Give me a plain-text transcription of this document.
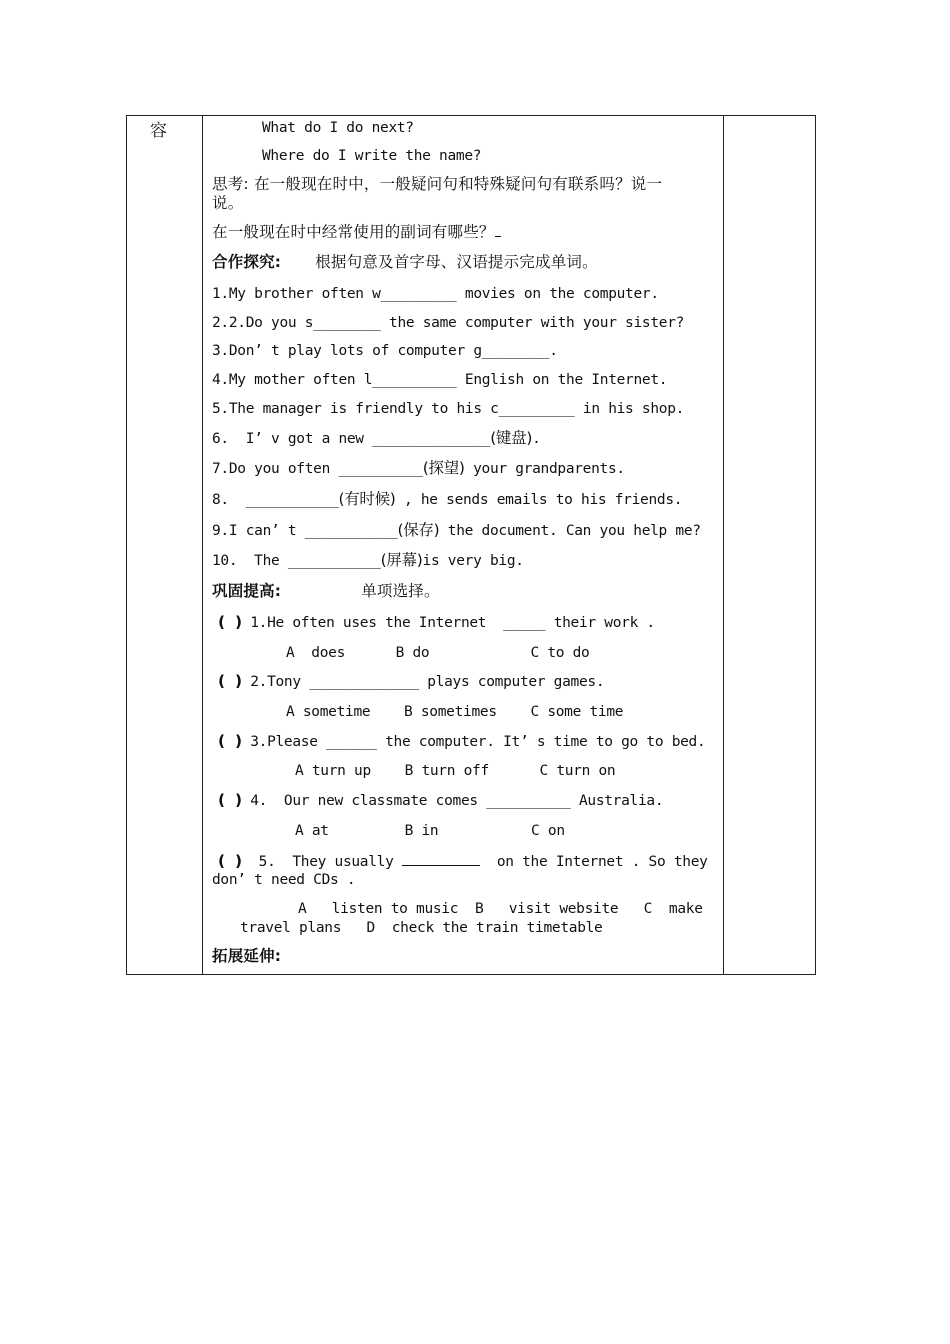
容	What do I do next?
Where do I write the name?
思考: 在一般现在时中，一般疑问句和特殊疑问句有联系吗？说一
说。
在一般现在时中经常使用的副词有哪些？
合作探究: 根据句意及首字母、汉语提示完成单词。
1.My brother often w_________ movies on the computer.
2.2.Do you s________ the same computer with your sister?
3.Don’ t play lots of computer g________.
4.My mother often l__________ English on the Internet.
5.The manager is friendly to his c_________ in his shop.
6.  I’ v got a new ______________(键盘).
7.Do you often __________(探望) your grandparents.
8.  ___________(有时候) , he sends emails to his friends.
9.I can’ t ___________(保存) the document. Can you help me?
10.  The ___________(屏幕)is very big.
巩固提高:	单项选择。
(  ) 1.He often uses the Internet  _____ their work .
A  does      B do            C to do
(  ) 2.Tony _____________ plays computer games.
A sometime    B sometimes    C some time
(  ) 3.Please ______ the computer. It’ s time to go to bed.
A turn up    B turn off      C turn on
(  ) 4.  Our new classmate comes __________ Australia.
A at         B in           C on
(  ) 5.  They usually	on the Internet . So they
don’ t need CDs .
A   listen to music  B   visit website   C  make
travel plans   D  check the train timetable
拓展延伸:
